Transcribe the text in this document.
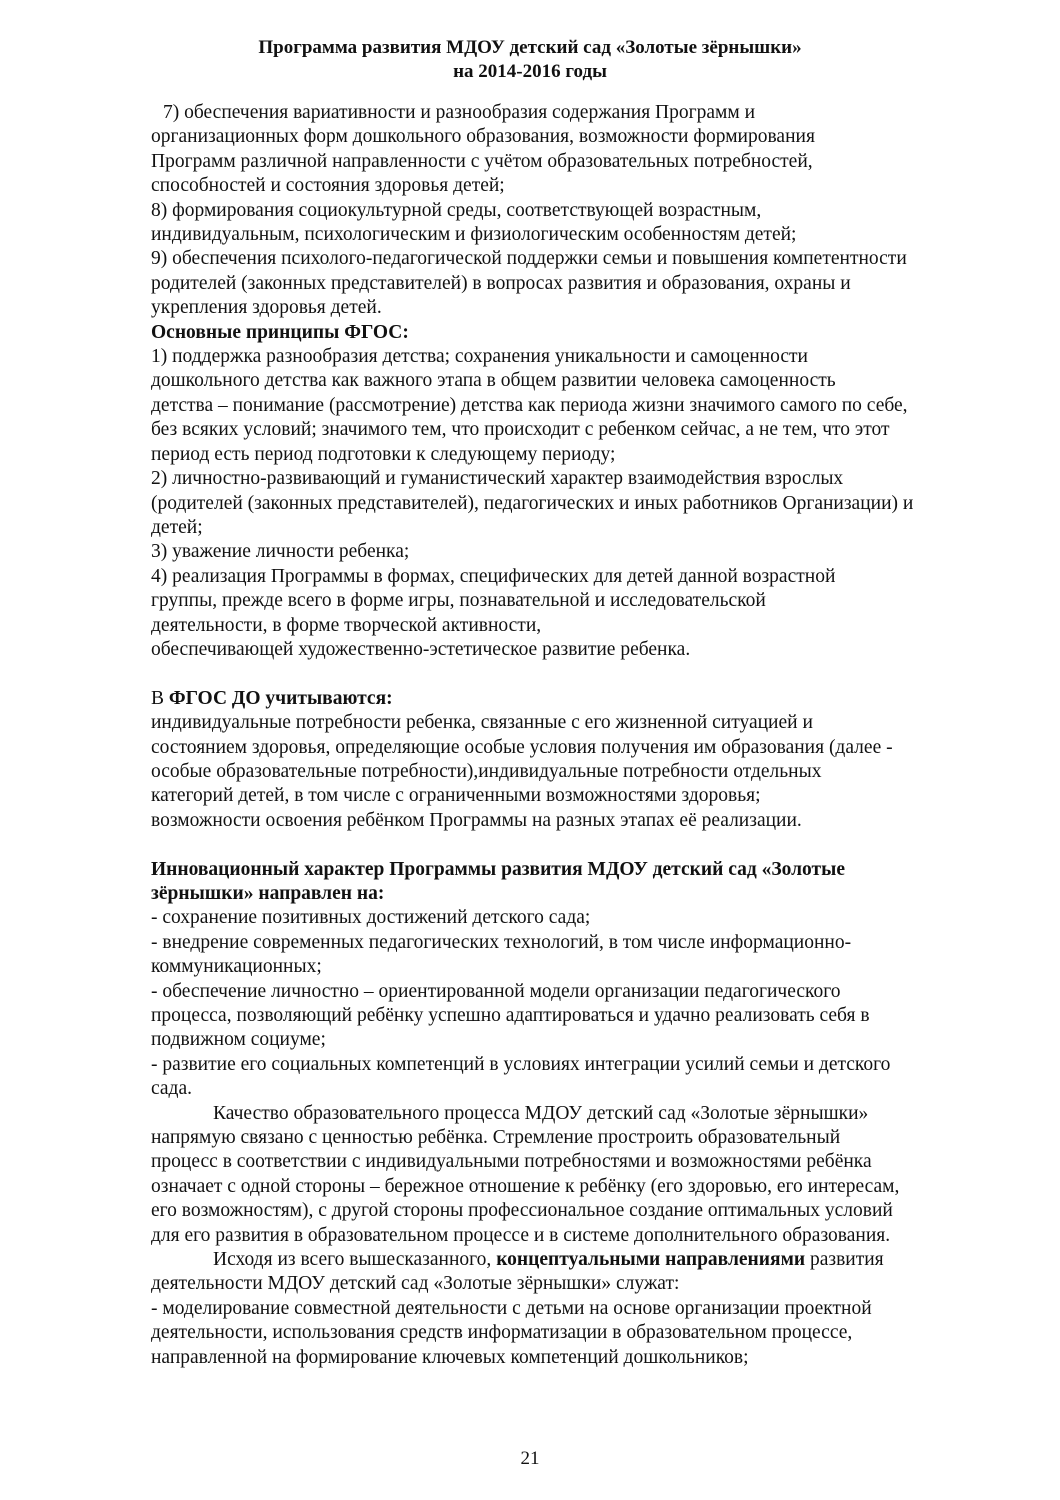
Программа развития МДОУ детский сад «Золотые зёрнышки»
на 2014-2016 годы
7) обеспечения вариативности и разнообразия содержания Программ и
организационных форм дошкольного образования, возможности формирования
Программ различной направленности с учётом образовательных потребностей,
способностей и состояния здоровья детей;
8) формирования социокультурной среды, соответствующей возрастным,
индивидуальным, психологическим и физиологическим особенностям детей;
9) обеспечения психолого-педагогической поддержки семьи и повышения компетентности
родителей (законных представителей) в вопросах развития и образования, охраны и
укрепления здоровья детей.
Основные принципы ФГОС:
1) поддержка разнообразия детства; сохранения уникальности и самоценности
дошкольного детства как важного этапа в общем развитии человека самоценность
детства – понимание (рассмотрение) детства как периода жизни значимого самого по себе,
без всяких условий; значимого тем, что происходит с ребенком сейчас, а не тем, что этот
период есть период подготовки к следующему периоду;
2) личностно-развивающий и гуманистический характер взаимодействия взрослых
(родителей (законных представителей), педагогических и иных работников Организации) и
детей;
3) уважение личности ребенка;
4) реализация Программы в формах, специфических для детей данной возрастной
группы, прежде всего в форме игры, познавательной и исследовательской
деятельности, в форме творческой активности,
обеспечивающей художественно-эстетическое развитие ребенка.
В ФГОС ДО учитываются:
индивидуальные потребности ребенка, связанные с его жизненной ситуацией и
состоянием здоровья, определяющие особые условия получения им образования (далее -
особые образовательные потребности),индивидуальные потребности отдельных
категорий детей, в том числе с ограниченными возможностями здоровья;
возможности освоения ребёнком Программы на разных этапах её реализации.
Инновационный характер Программы развития МДОУ детский сад «Золотые
зёрнышки» направлен на:
- сохранение позитивных достижений детского сада;
- внедрение современных педагогических технологий, в том числе информационно-
коммуникационных;
- обеспечение личностно – ориентированной модели организации педагогического
процесса, позволяющий ребёнку успешно адаптироваться и удачно реализовать себя в
подвижном социуме;
- развитие его социальных компетенций в условиях интеграции усилий семьи и детского
сада.
Качество образовательного процесса МДОУ детский сад «Золотые зёрнышки»
напрямую связано с ценностью ребёнка. Стремление простроить образовательный
процесс в соответствии с индивидуальными потребностями и возможностями ребёнка
означает с одной стороны – бережное отношение к ребёнку (его здоровью, его интересам,
его возможностям), с другой стороны профессиональное создание оптимальных условий
для его развития в образовательном процессе и в системе дополнительного образования.
Исходя из всего вышесказанного, концептуальными направлениями развития
деятельности МДОУ детский сад «Золотые зёрнышки» служат:
- моделирование совместной деятельности с детьми на основе организации проектной
деятельности, использования средств информатизации в образовательном процессе,
направленной на формирование ключевых компетенций дошкольников;
21
